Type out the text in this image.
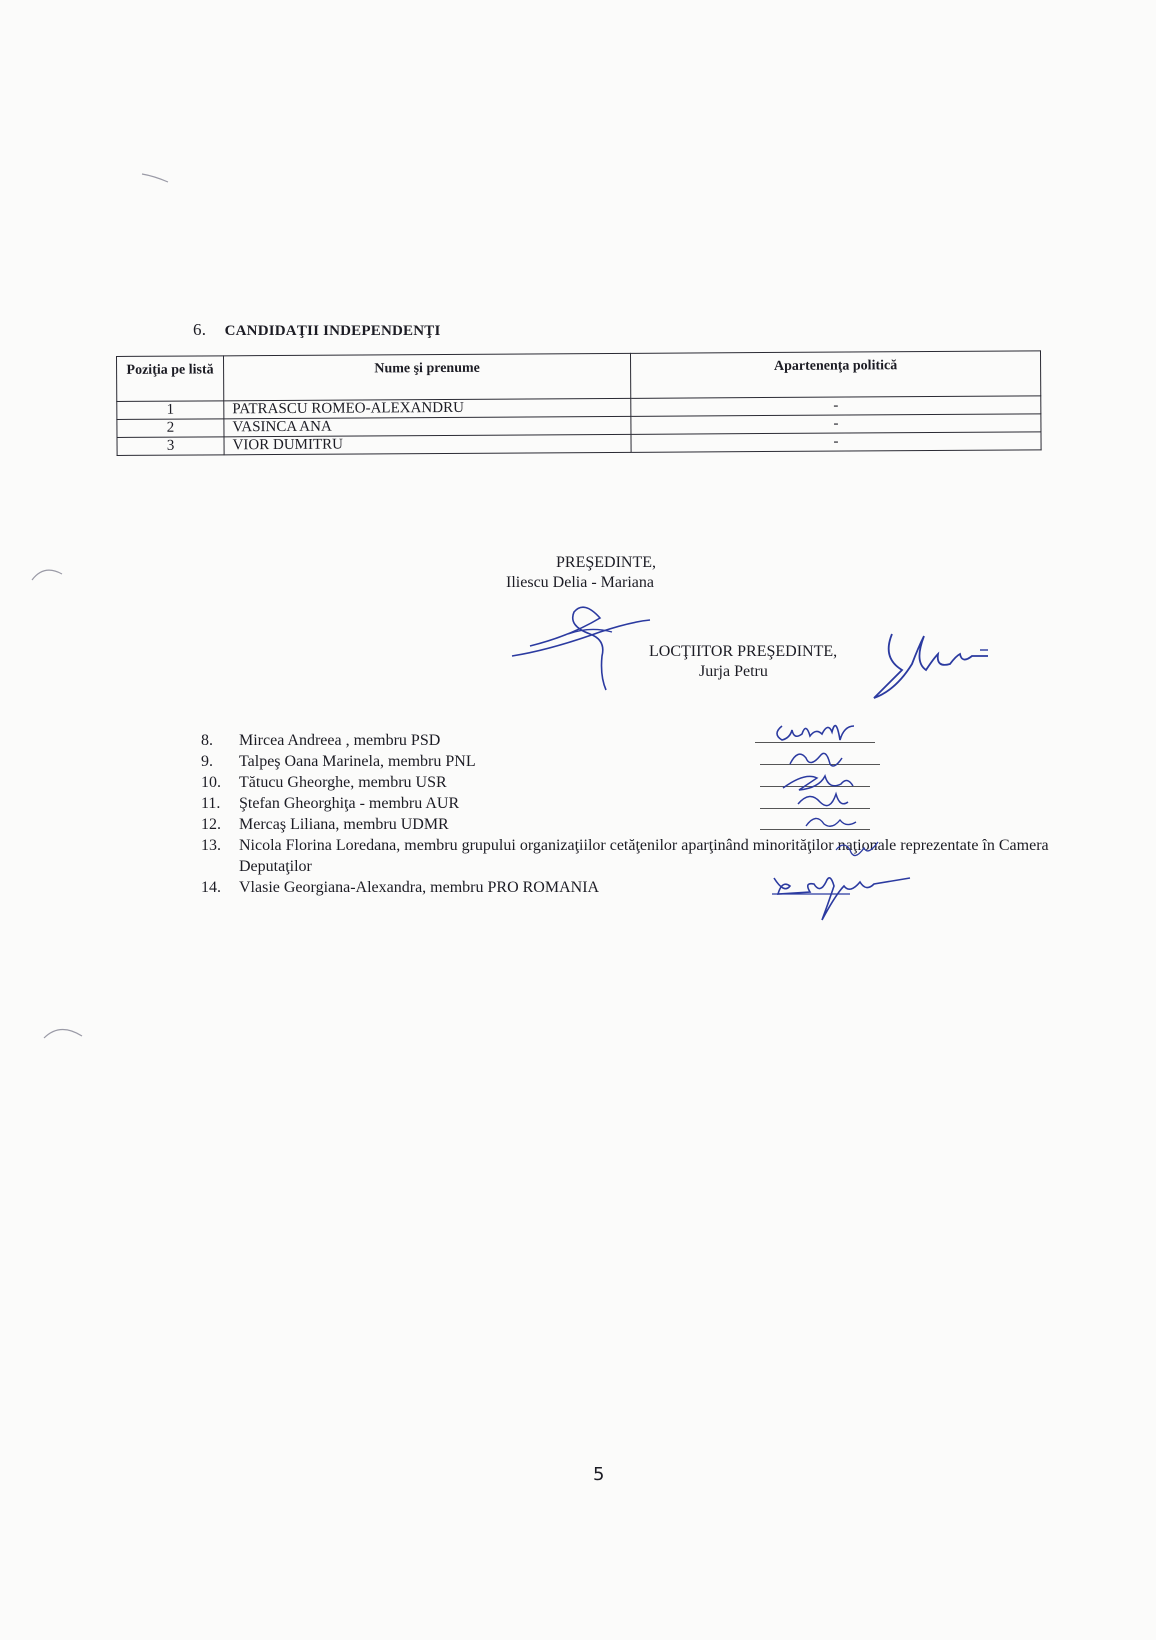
6. CANDIDAŢII INDEPENDENŢI
Poziţia pe listă	Nume şi prenume	Apartenenţa politică
1	PATRASCU ROMEO-ALEXANDRU	-
2	VASINCA ANA	-
3	VIOR DUMITRU	-
PREŞEDINTE,
Iliescu Delia - Mariana
LOCŢIITOR PREŞEDINTE,
Jurja Petru
8. Mircea Andreea , membru PSD
9. Talpeş Oana Marinela, membru PNL
10. Tătucu Gheorghe, membru USR
11. Ştefan Gheorghiţa - membru AUR
12. Mercaş Liliana, membru UDMR
13. Nicola Florina Loredana, membru grupului organizaţiilor cetăţenilor aparţinând minorităţilor naţionale reprezentate în Camera Deputaţilor
14. Vlasie Georgiana-Alexandra, membru PRO ROMANIA
5
